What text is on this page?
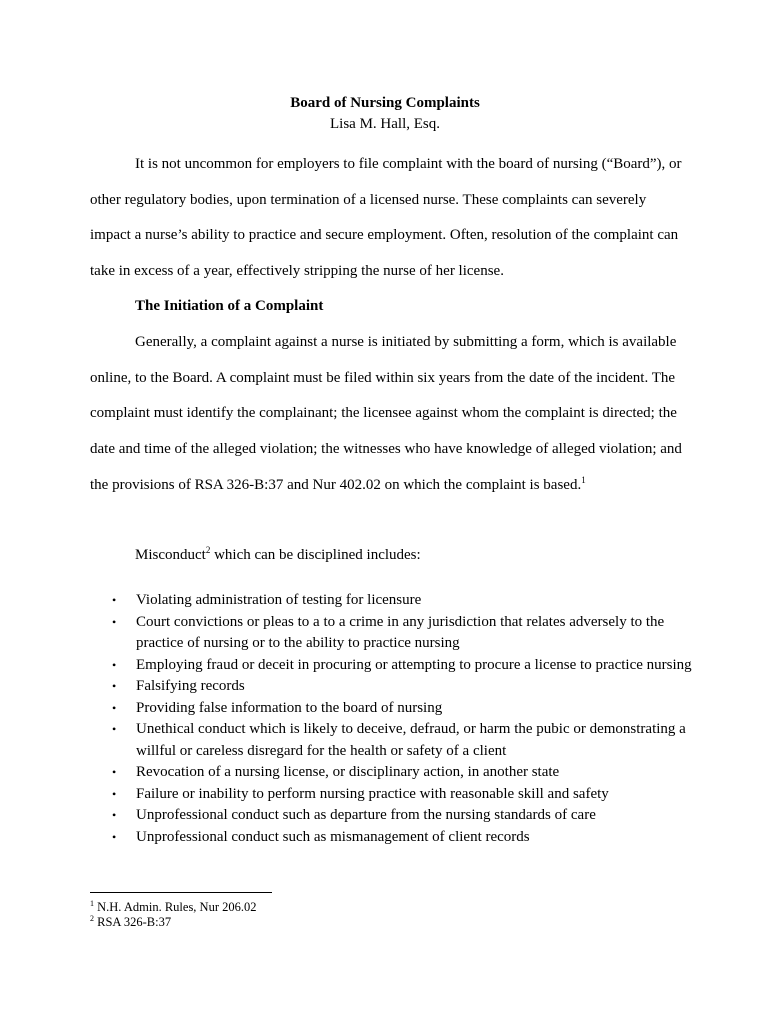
Board of Nursing Complaints

Lisa M. Hall, Esq.

It is not uncommon for employers to file complaint with the board of nursing (“Board”), or other regulatory bodies, upon termination of a licensed nurse. These complaints can severely impact a nurse’s ability to practice and secure employment. Often, resolution of the complaint can take in excess of a year, effectively stripping the nurse of her license.

The Initiation of a Complaint

Generally, a complaint against a nurse is initiated by submitting a form, which is available online, to the Board. A complaint must be filed within six years from the date of the incident. The complaint must identify the complainant; the licensee against whom the complaint is directed; the date and time of the alleged violation; the witnesses who have knowledge of alleged violation; and the provisions of RSA 326-B:37 and Nur 402.02 on which the complaint is based.$^1$

Misconduct$^2$ which can be disciplined includes:

•	Violating administration of testing for licensure
•	Court convictions or pleas to a to a crime in any jurisdiction that relates adversely to the practice of nursing or to the ability to practice nursing
•	Employing fraud or deceit in procuring or attempting to procure a license to practice nursing
•	Falsifying records
•	Providing false information to the board of nursing
•	Unethical conduct which is likely to deceive, defraud, or harm the pubic or demonstrating a willful or careless disregard for the health or safety of a client
•	Revocation of a nursing license, or disciplinary action, in another state
•	Failure or inability to perform nursing practice with reasonable skill and safety
•	Unprofessional conduct such as departure from the nursing standards of care
•	Unprofessional conduct such as mismanagement of client records
$^1$ N.H. Admin. Rules, Nur 206.02
$^2$ RSA 326-B:37
